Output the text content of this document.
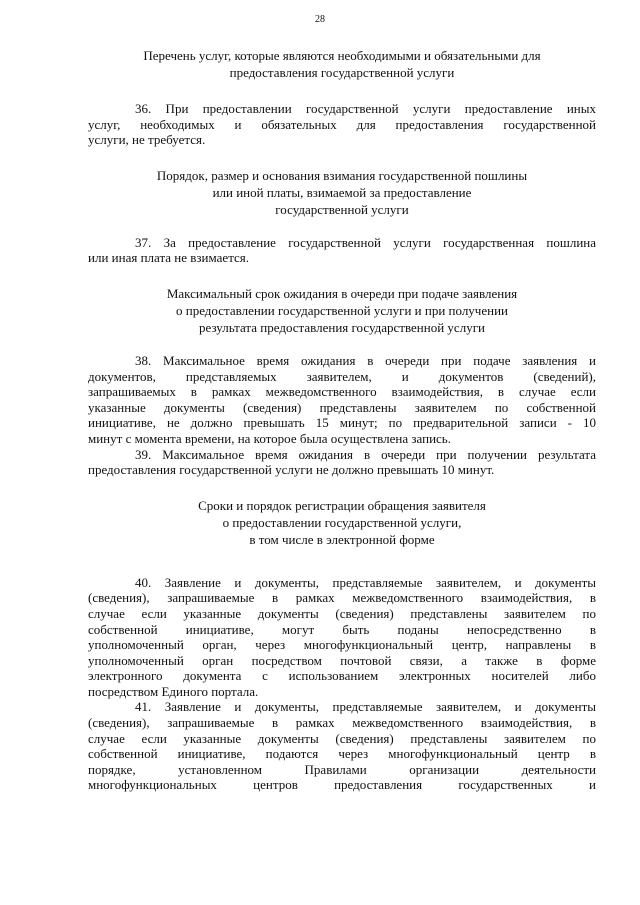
28
Перечень услуг, которые являются необходимыми и обязательными для
предоставления государственной услуги
36. При предоставлении государственной услуги предоставление иных
услуг, необходимых и обязательных для предоставления государственной
услуги, не требуется.
Порядок, размер и основания взимания государственной пошлины
или иной платы, взимаемой за предоставление
государственной услуги
37. За предоставление государственной услуги государственная пошлина
или иная плата не взимается.
Максимальный срок ожидания в очереди при подаче заявления
о предоставлении государственной услуги и при получении
результата предоставления государственной услуги
38. Максимальное время ожидания в очереди при подаче заявления и
документов, представляемых заявителем, и документов (сведений),
запрашиваемых в рамках межведомственного взаимодействия, в случае если
указанные документы (сведения) представлены заявителем по собственной
инициативе, не должно превышать 15 минут; по предварительной записи - 10
минут с момента времени, на которое была осуществлена запись.
39. Максимальное время ожидания в очереди при получении результата
предоставления государственной услуги не должно превышать 10 минут.
Сроки и порядок регистрации обращения заявителя
о предоставлении государственной услуги,
в том числе в электронной форме
40. Заявление и документы, представляемые заявителем, и документы
(сведения), запрашиваемые в рамках межведомственного взаимодействия, в
случае если указанные документы (сведения) представлены заявителем по
собственной инициативе, могут быть поданы непосредственно в
уполномоченный орган, через многофункциональный центр, направлены в
уполномоченный орган посредством почтовой связи, а также в форме
электронного документа с использованием электронных носителей либо
посредством Единого портала.
41. Заявление и документы, представляемые заявителем, и документы
(сведения), запрашиваемые в рамках межведомственного взаимодействия, в
случае если указанные документы (сведения) представлены заявителем по
собственной инициативе, подаются через многофункциональный центр в
порядке, установленном Правилами организации деятельности
многофункциональных центров предоставления государственных и
